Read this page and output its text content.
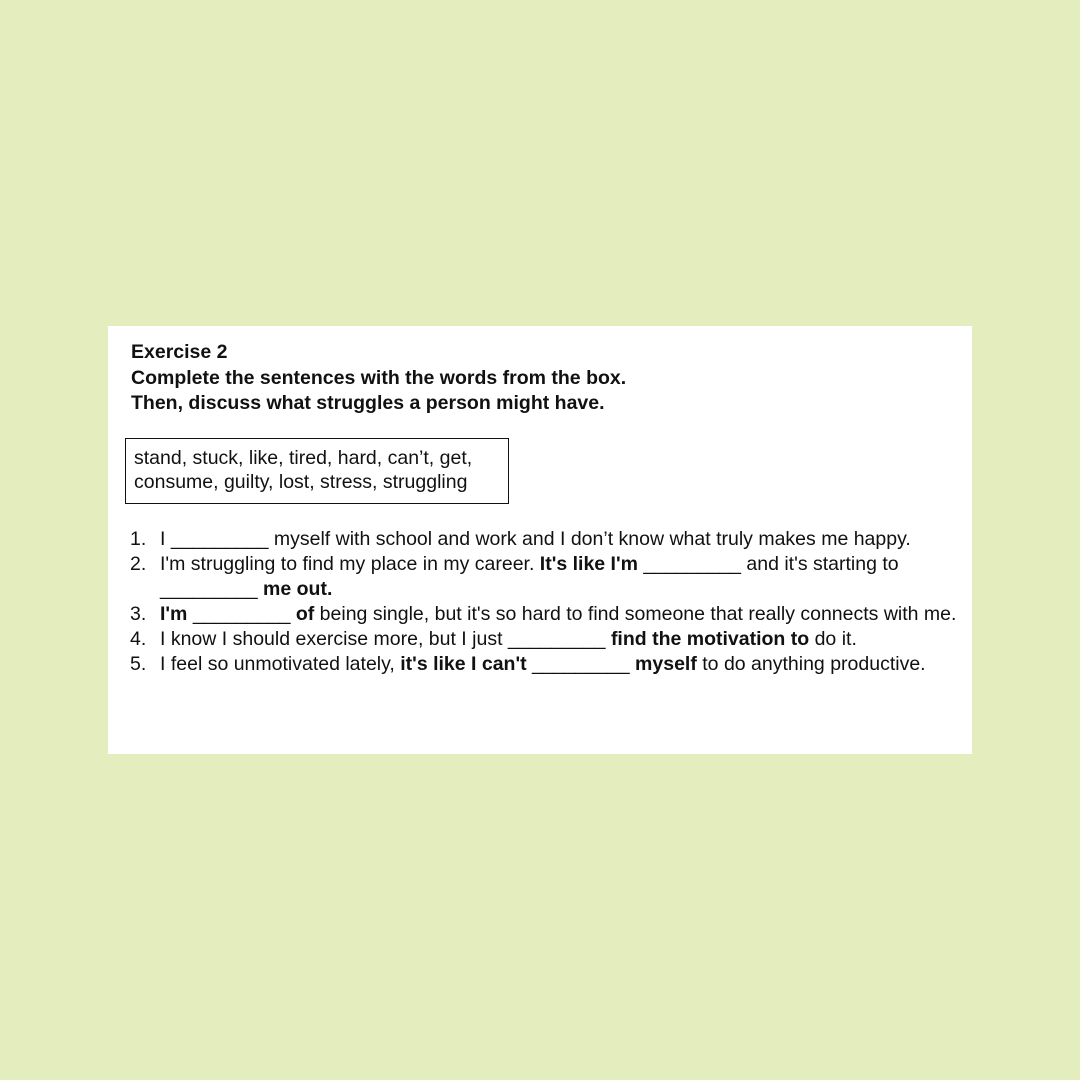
Exercise 2
Complete the sentences with the words from the box.
Then, discuss what struggles a person might have.
stand, stuck, like, tired, hard, can’t, get,
consume, guilty, lost, stress, struggling
1. I _________ myself with school and work and I don’t know what truly makes me happy.
2. I'm struggling to find my place in my career. It's like I'm _________ and it's starting to _________ me out.
3. I'm _________ of being single, but it's so hard to find someone that really connects with me.
4. I know I should exercise more, but I just _________ find the motivation to do it.
5. I feel so unmotivated lately, it's like I can't _________ myself to do anything productive.
